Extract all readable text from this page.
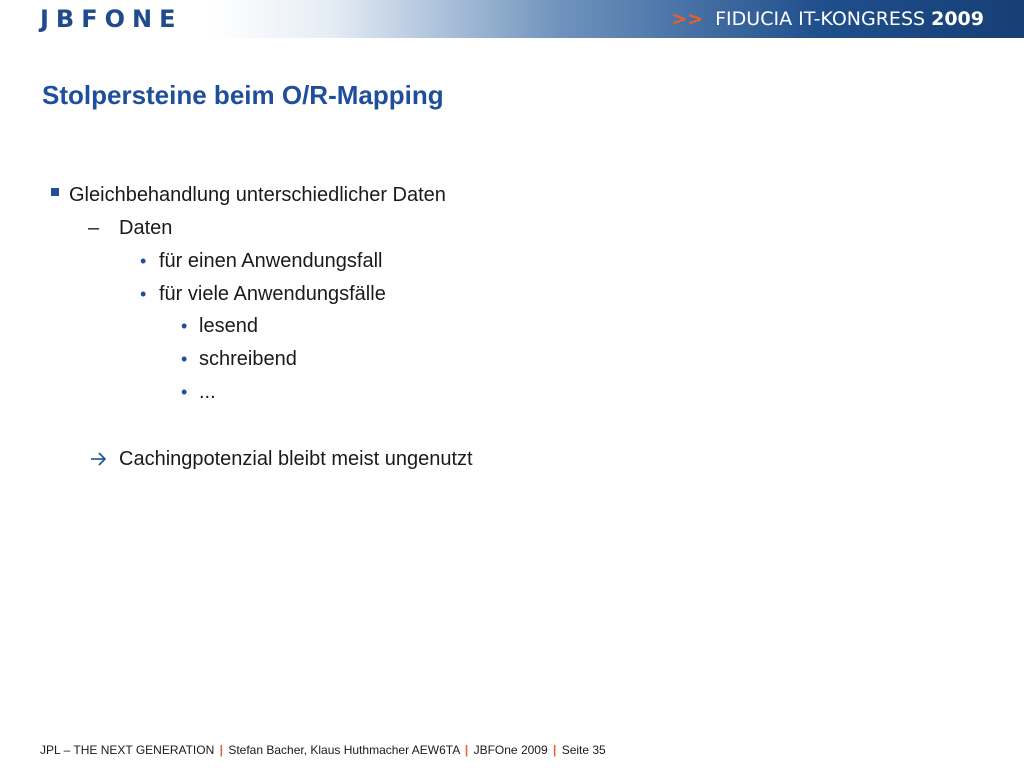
JBFONE	>> FIDUCIA IT-KONGRESS 2009
Stolpersteine beim O/R-Mapping
Gleichbehandlung unterschiedlicher Daten
– Daten
• für einen Anwendungsfall
• für viele Anwendungsfälle
• lesend
• schreibend
• ...
Cachingpotenzial bleibt meist ungenutzt
JPL – THE NEXT GENERATION | Stefan Bacher, Klaus Huthmacher AEW6TA | JBFOne 2009 | Seite 35
